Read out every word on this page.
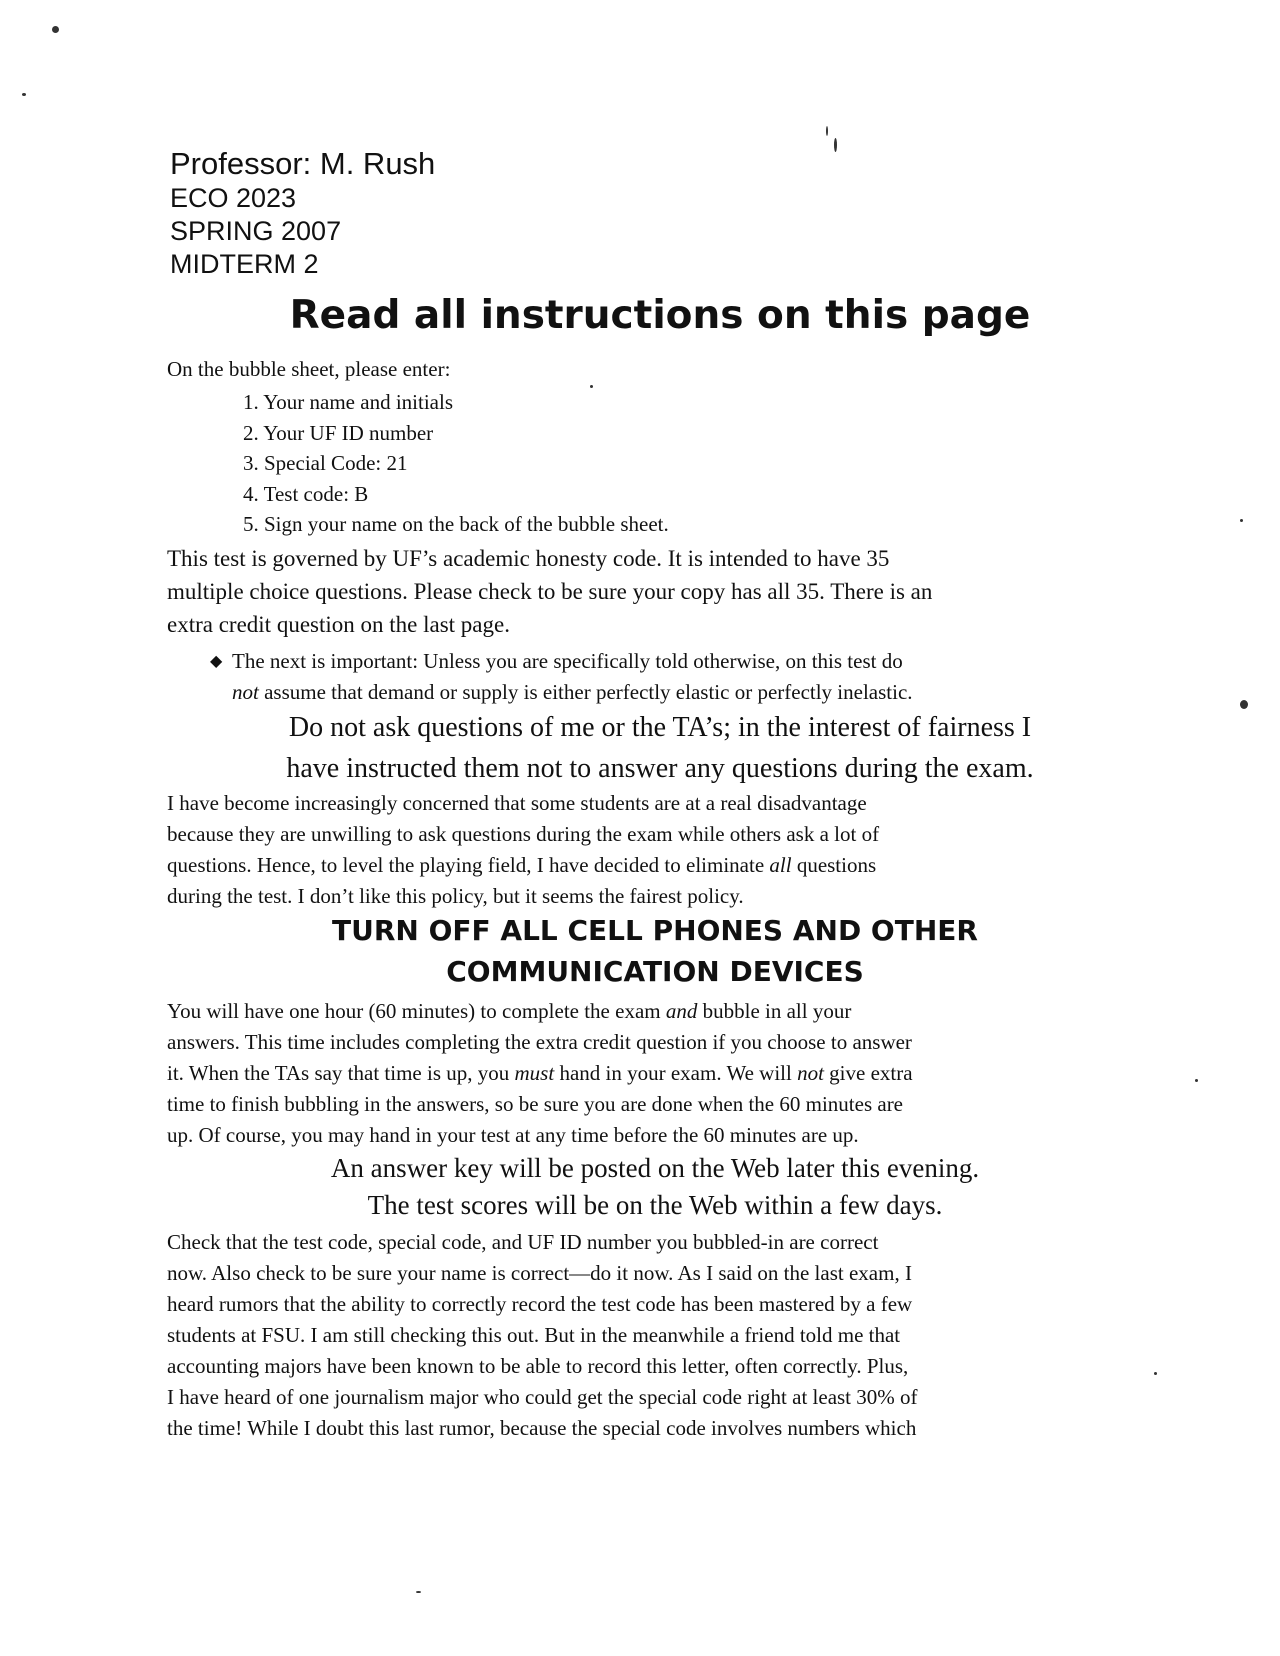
Professor: M. Rush
ECO 2023
SPRING 2007
MIDTERM 2
Read all instructions on this page
On the bubble sheet, please enter:
1. Your name and initials
2. Your UF ID number
3. Special Code: 21
4. Test code: B
5. Sign your name on the back of the bubble sheet.
This test is governed by UF’s academic honesty code. It is intended to have 35
multiple choice questions. Please check to be sure your copy has all 35. There is an
extra credit question on the last page.
◆ The next is important: Unless you are specifically told otherwise, on this test do
not assume that demand or supply is either perfectly elastic or perfectly inelastic.
Do not ask questions of me or the TA’s; in the interest of fairness I
have instructed them not to answer any questions during the exam.
I have become increasingly concerned that some students are at a real disadvantage
because they are unwilling to ask questions during the exam while others ask a lot of
questions. Hence, to level the playing field, I have decided to eliminate all questions
during the test. I don’t like this policy, but it seems the fairest policy.
TURN OFF ALL CELL PHONES AND OTHER
COMMUNICATION DEVICES
You will have one hour (60 minutes) to complete the exam and bubble in all your
answers. This time includes completing the extra credit question if you choose to answer
it. When the TAs say that time is up, you must hand in your exam. We will not give extra
time to finish bubbling in the answers, so be sure you are done when the 60 minutes are
up. Of course, you may hand in your test at any time before the 60 minutes are up.
An answer key will be posted on the Web later this evening.
The test scores will be on the Web within a few days.
Check that the test code, special code, and UF ID number you bubbled-in are correct
now. Also check to be sure your name is correct—do it now. As I said on the last exam, I
heard rumors that the ability to correctly record the test code has been mastered by a few
students at FSU. I am still checking this out. But in the meanwhile a friend told me that
accounting majors have been known to be able to record this letter, often correctly. Plus,
I have heard of one journalism major who could get the special code right at least 30% of
the time! While I doubt this last rumor, because the special code involves numbers which
